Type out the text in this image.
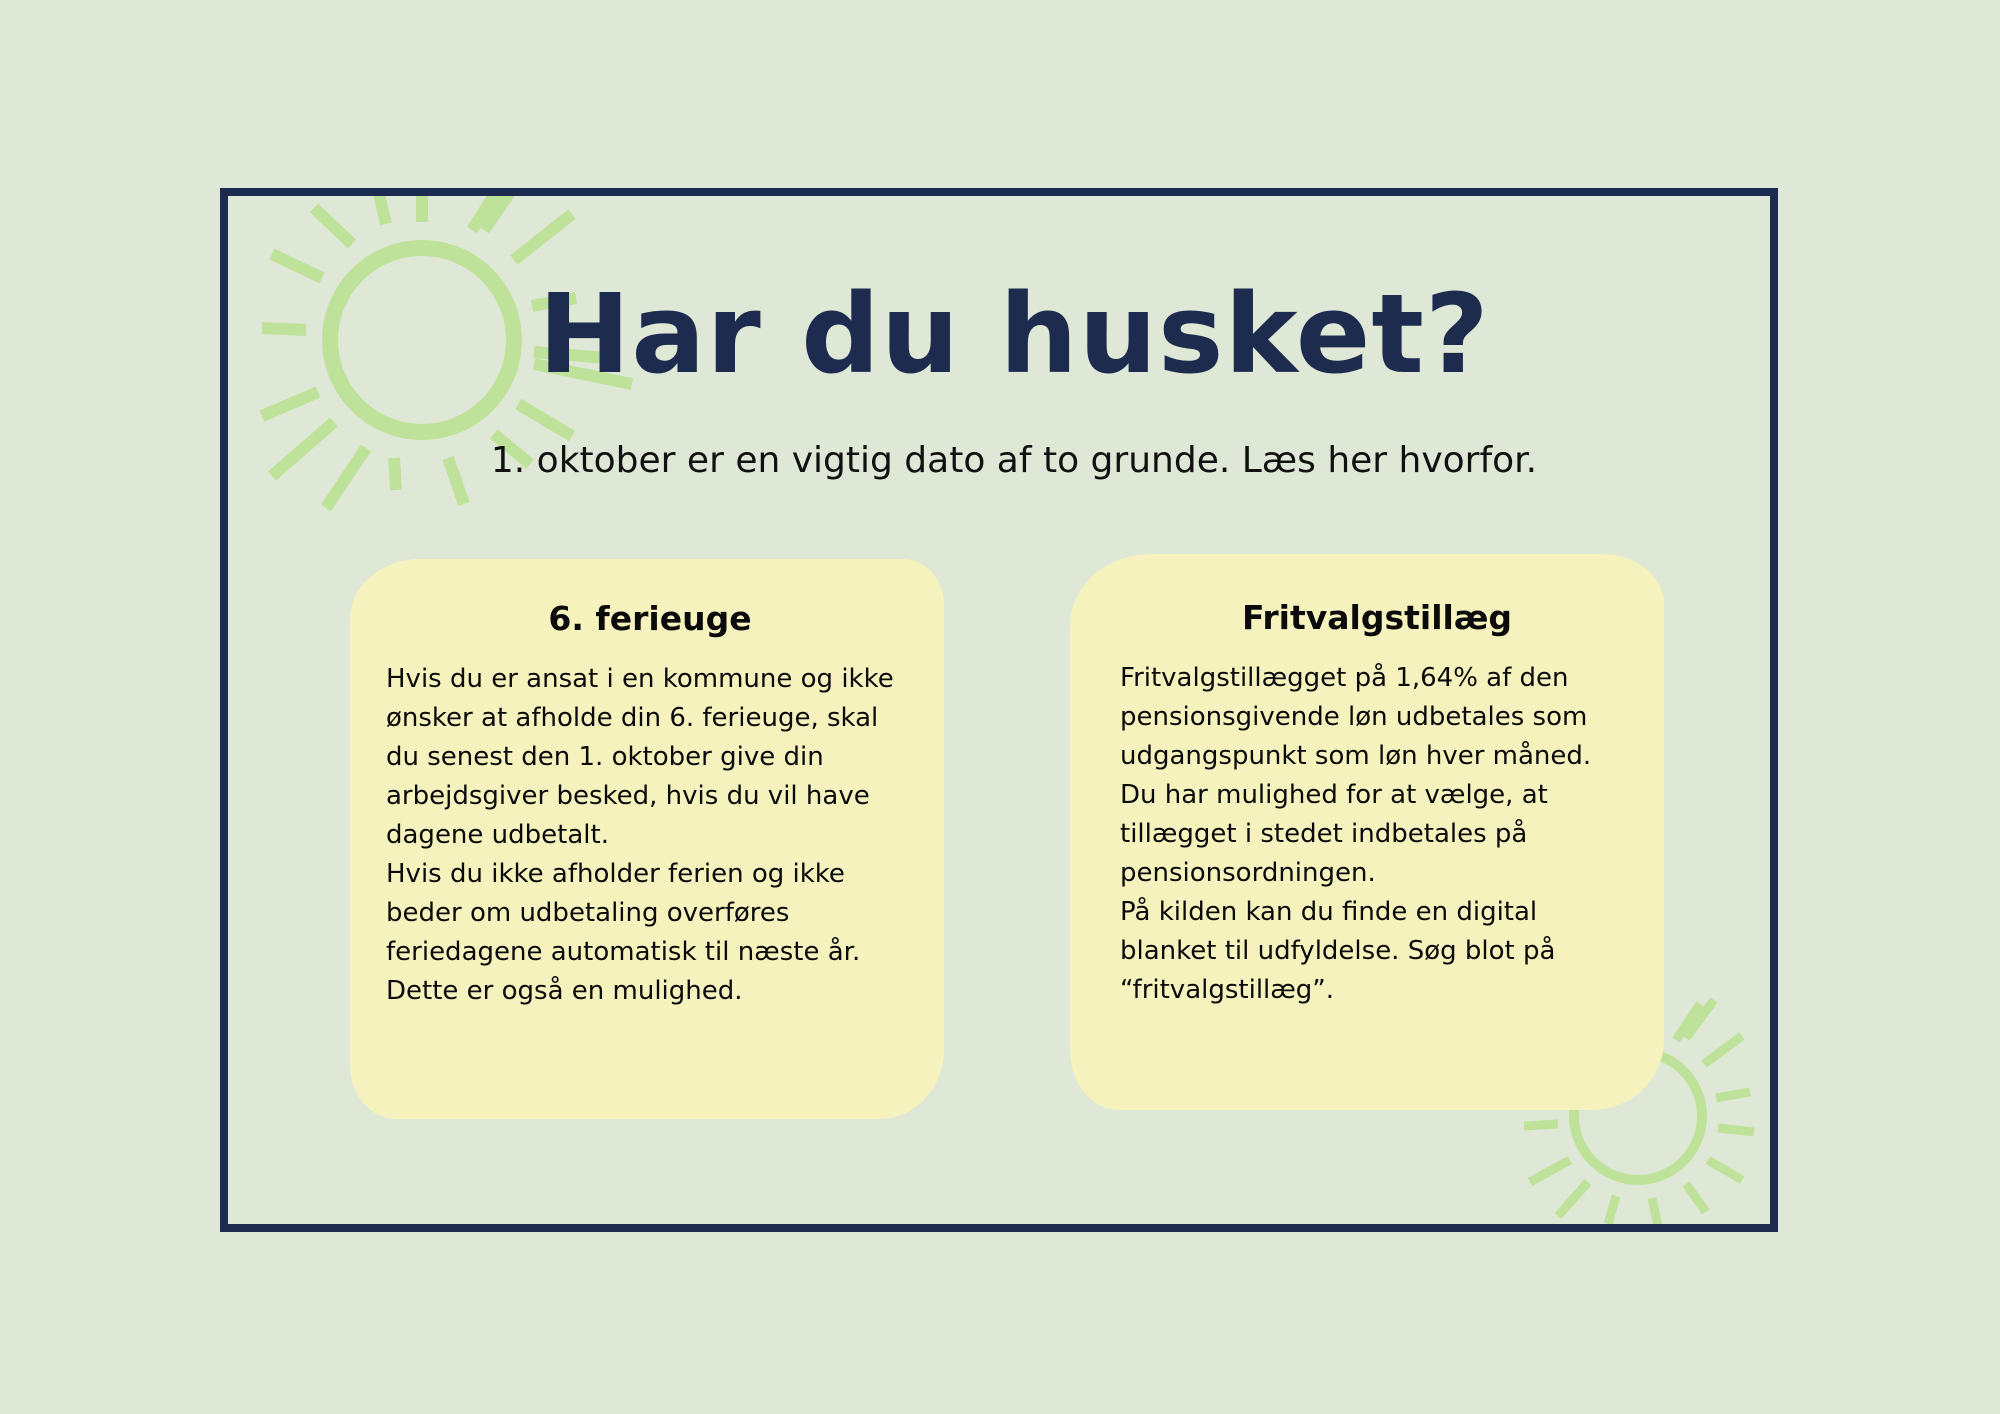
Har du husket?

1. oktober er en vigtig dato af to grunde. Læs her hvorfor.

6. ferieuge

Hvis du er ansat i en kommune og ikke ønsker at afholde din 6. ferieuge, skal du senest den 1. oktober give din arbejdsgiver besked, hvis du vil have dagene udbetalt.
Hvis du ikke afholder ferien og ikke beder om udbetaling overføres feriedagene automatisk til næste år. Dette er også en mulighed.

Fritvalgstillæg

Fritvalgstillægget på 1,64% af den pensionsgivende løn udbetales som udgangspunkt som løn hver måned. Du har mulighed for at vælge, at tillægget i stedet indbetales på pensionsordningen.
På kilden kan du finde en digital blanket til udfyldelse. Søg blot på “fritvalgstillæg”.
